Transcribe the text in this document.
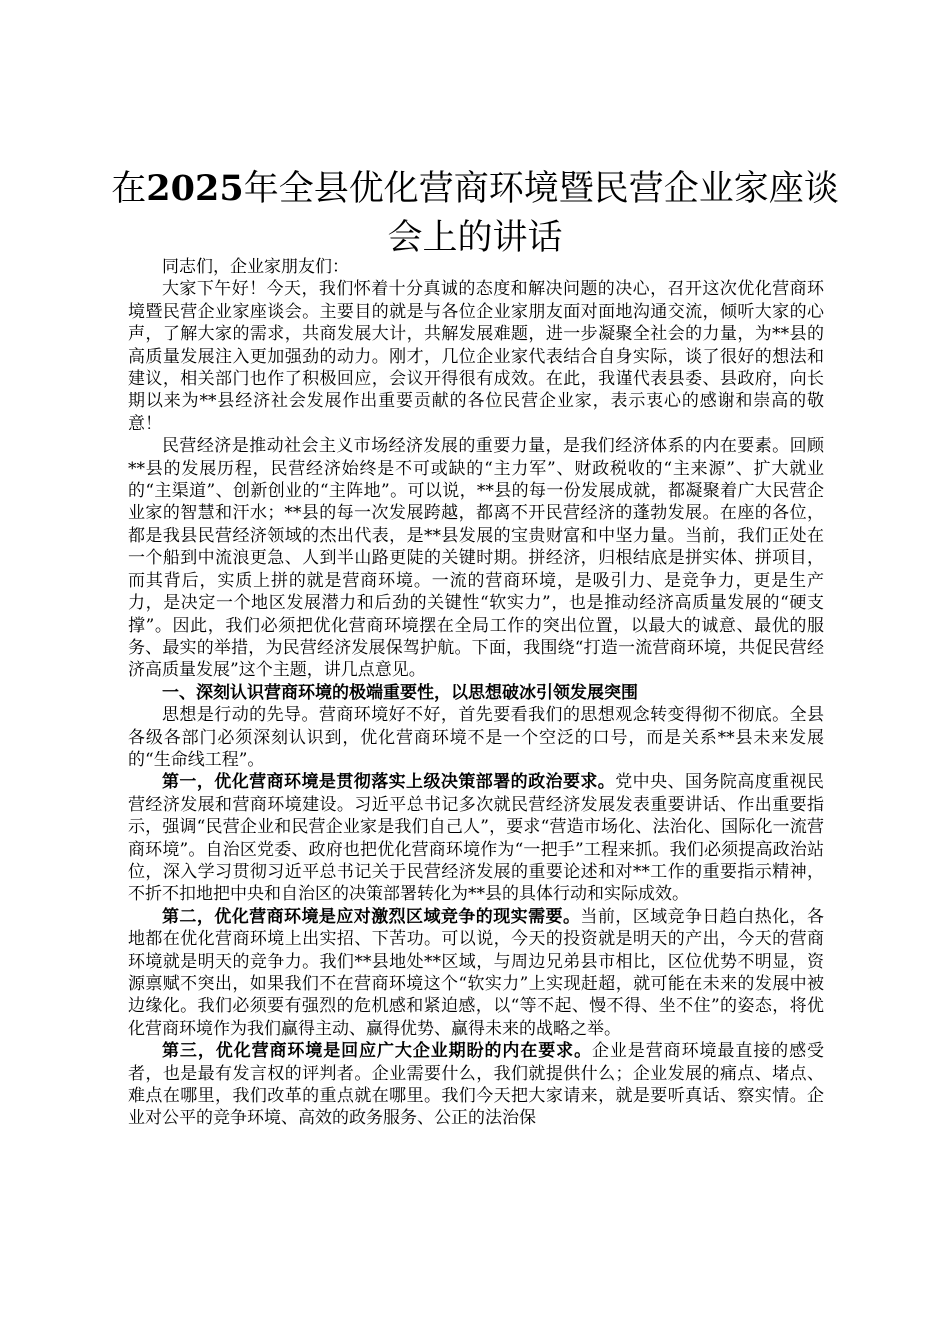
在2025年全县优化营商环境暨民营企业家座谈会上的讲话

同志们，企业家朋友们：

大家下午好！今天，我们怀着十分真诚的态度和解决问题的决心，召开这次优化营商环境暨民营企业家座谈会。主要目的就是与各位企业家朋友面对面地沟通交流，倾听大家的心声，了解大家的需求，共商发展大计，共解发展难题，进一步凝聚全社会的力量，为**县的高质量发展注入更加强劲的动力。刚才，几位企业家代表结合自身实际，谈了很好的想法和建议，相关部门也作了积极回应，会议开得很有成效。在此，我谨代表县委、县政府，向长期以来为**县经济社会发展作出重要贡献的各位民营企业家，表示衷心的感谢和崇高的敬意！

民营经济是推动社会主义市场经济发展的重要力量，是我们经济体系的内在要素。回顾**县的发展历程，民营经济始终是不可或缺的“主力军”、财政税收的“主来源”、扩大就业的“主渠道”、创新创业的“主阵地”。可以说，**县的每一份发展成就，都凝聚着广大民营企业家的智慧和汗水；**县的每一次发展跨越，都离不开民营经济的蓬勃发展。在座的各位，都是我县民营经济领域的杰出代表，是**县发展的宝贵财富和中坚力量。当前，我们正处在一个船到中流浪更急、人到半山路更陡的关键时期。拼经济，归根结底是拼实体、拼项目，而其背后，实质上拼的就是营商环境。一流的营商环境，是吸引力、是竞争力，更是生产力，是决定一个地区发展潜力和后劲的关键性“软实力”，也是推动经济高质量发展的“硬支撑”。因此，我们必须把优化营商环境摆在全局工作的突出位置，以最大的诚意、最优的服务、最实的举措，为民营经济发展保驾护航。下面，我围绕“打造一流营商环境，共促民营经济高质量发展”这个主题，讲几点意见。

一、深刻认识营商环境的极端重要性，以思想破冰引领发展突围

思想是行动的先导。营商环境好不好，首先要看我们的思想观念转变得彻不彻底。全县各级各部门必须深刻认识到，优化营商环境不是一个空泛的口号，而是关系**县未来发展的“生命线工程”。

第一，优化营商环境是贯彻落实上级决策部署的政治要求。党中央、国务院高度重视民营经济发展和营商环境建设。习近平总书记多次就民营经济发展发表重要讲话、作出重要指示，强调“民营企业和民营企业家是我们自己人”，要求“营造市场化、法治化、国际化一流营商环境”。自治区党委、政府也把优化营商环境作为“一把手”工程来抓。我们必须提高政治站位，深入学习贯彻习近平总书记关于民营经济发展的重要论述和对**工作的重要指示精神，不折不扣地把中央和自治区的决策部署转化为**县的具体行动和实际成效。

第二，优化营商环境是应对激烈区域竞争的现实需要。当前，区域竞争日趋白热化，各地都在优化营商环境上出实招、下苦功。可以说，今天的投资就是明天的产出，今天的营商环境就是明天的竞争力。我们**县地处**区域，与周边兄弟县市相比，区位优势不明显，资源禀赋不突出，如果我们不在营商环境这个“软实力”上实现赶超，就可能在未来的发展中被边缘化。我们必须要有强烈的危机感和紧迫感，以“等不起、慢不得、坐不住”的姿态，将优化营商环境作为我们赢得主动、赢得优势、赢得未来的战略之举。

第三，优化营商环境是回应广大企业期盼的内在要求。企业是营商环境最直接的感受者，也是最有发言权的评判者。企业需要什么，我们就提供什么；企业发展的痛点、堵点、难点在哪里，我们改革的重点就在哪里。我们今天把大家请来，就是要听真话、察实情。企业对公平的竞争环境、高效的政务服务、公正的法治保
